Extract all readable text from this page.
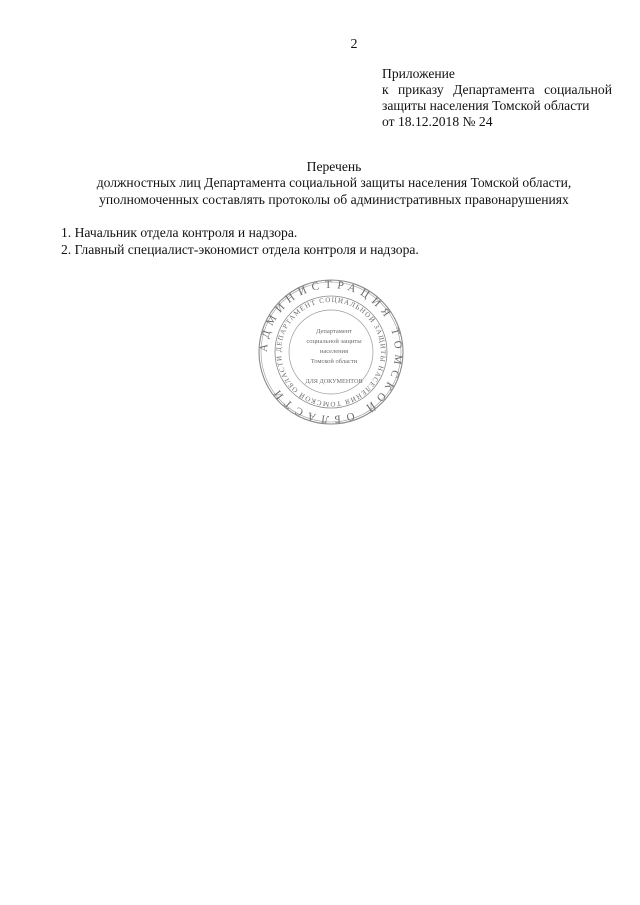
2
Приложение
к приказу Департамента социальной
защиты населения Томской области
от 18.12.2018 № 24
Перечень
должностных лиц Департамента социальной защиты населения Томской области,
уполномоченных составлять протоколы об административных правонарушениях
1. Начальник отдела контроля и надзора.
2. Главный специалист-экономист отдела контроля и надзора.
АДМИНИСТРАЦИЯ ТОМСКОЙ ОБЛАСТИ
ДЕПАРТАМЕНТ СОЦИАЛЬНОЙ ЗАЩИТЫ НАСЕЛЕНИЯ ТОМСКОЙ ОБЛАСТИ
Департамент
социальной защиты
населения
Томской области
ДЛЯ ДОКУМЕНТОВ
